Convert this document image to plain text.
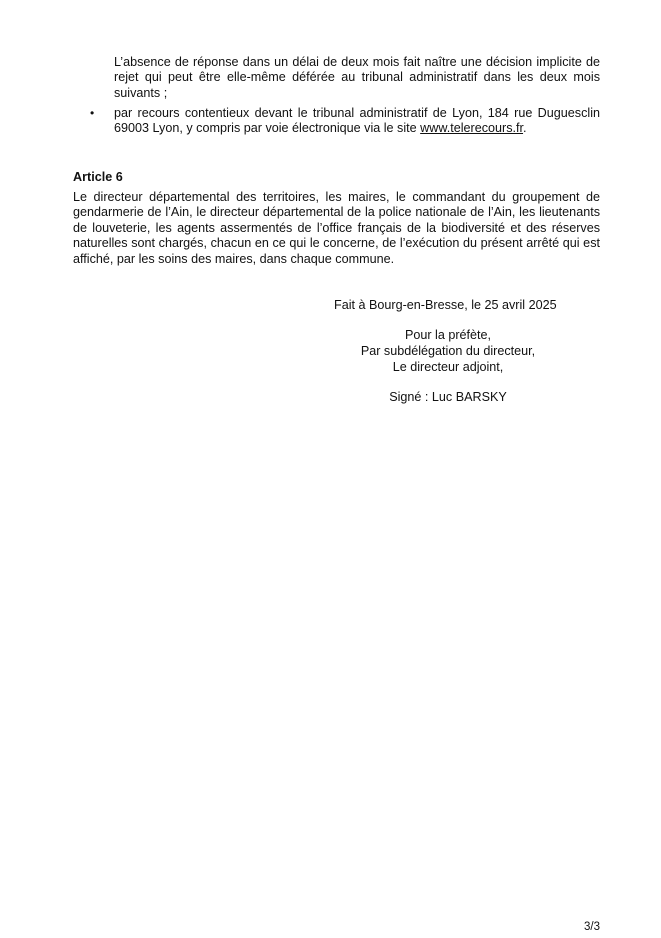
L’absence de réponse dans un délai de deux mois fait naître une décision implicite de rejet qui peut être elle-même déférée au tribunal administratif dans les deux mois suivants ;

•	par recours contentieux devant le tribunal administratif de Lyon, 184 rue Duguesclin 69003 Lyon, y compris par voie électronique via le site www.telerecours.fr.

Article 6

Le directeur départemental des territoires, les maires, le commandant du groupement de gendarmerie de l’Ain, le directeur départemental de la police nationale de l’Ain, les lieutenants de louveterie, les agents assermentés de l’office français de la biodiversité et des réserves naturelles sont chargés, chacun en ce qui le concerne, de l’exécution du présent arrêté qui est affiché, par les soins des maires, dans chaque commune.

Fait à Bourg-en-Bresse, le 25 avril 2025
Pour la préfète,
Par subdélégation du directeur,
Le directeur adjoint,
Signé : Luc BARSKY
3/3
